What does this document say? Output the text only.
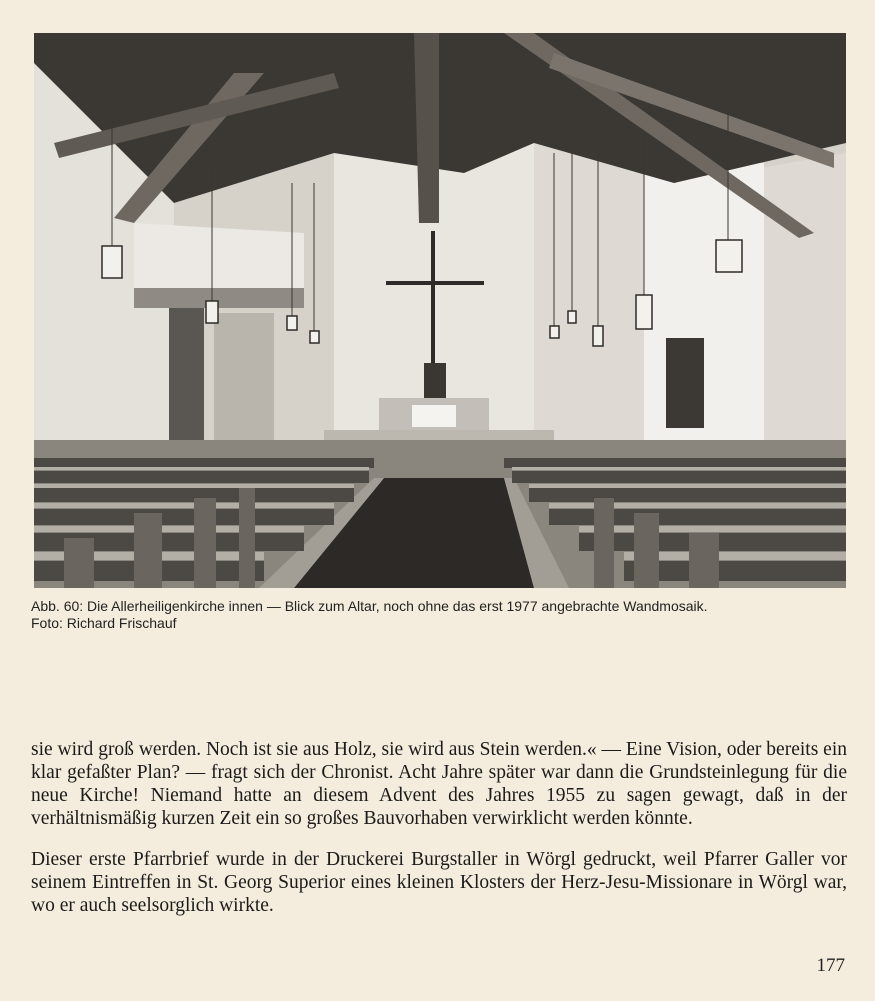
Abb. 60: Die Allerheiligenkirche innen — Blick zum Altar, noch ohne das erst 1977 angebrachte Wandmosaik.
Foto: Richard Frischauf

sie wird groß werden. Noch ist sie aus Holz, sie wird aus Stein werden.« — Eine Vision, oder bereits ein klar gefaßter Plan? — fragt sich der Chronist. Acht Jahre später war dann die Grundsteinlegung für die neue Kirche! Niemand hatte an diesem Advent des Jahres 1955 zu sagen gewagt, daß in der verhältnismäßig kurzen Zeit ein so großes Bauvorhaben verwirklicht werden könnte.

Dieser erste Pfarrbrief wurde in der Druckerei Burgstaller in Wörgl gedruckt, weil Pfarrer Galler vor seinem Eintreffen in St. Georg Superior eines kleinen Klosters der Herz-Jesu-Missionare in Wörgl war, wo er auch seelsorglich wirkte.

177
